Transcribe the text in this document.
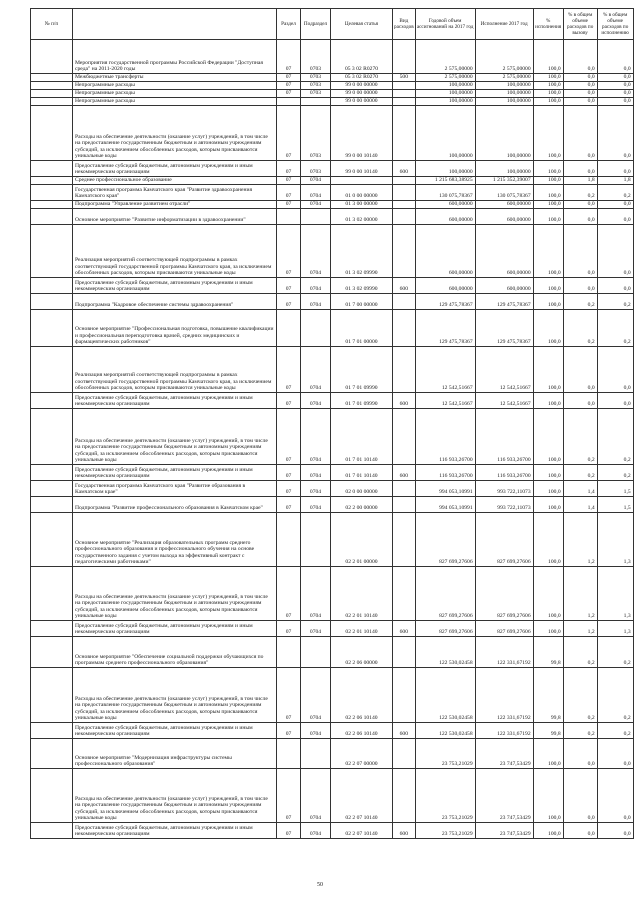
№ п/п		Раздел	Подраздел	Целевая статья	Вид расходов	Годовой объем ассигнований на 2017 год	Исполнение 2017 год	% исполнения	% в общем объеме расходов по вызову	% в общем объеме расходов по исполнению
	Мероприятия государственной программы Российской Федерации "Доступная среда" на 2011-2020 годы	07	0703	05 3 02 R0270		2 575,00000	2 575,00000	100,0	0,0	0,0
	Межбюджетные трансферты	07	0703	05 3 02 R0270	500	2 575,00000	2 575,00000	100,0	0,0	0,0
	Непрограммные расходы	07	0703	99 0 00 00000		100,00000	100,00000	100,0	0,0	0,0
	Непрограммные расходы	07	0703	99 0 00 00000		100,00000	100,00000	100,0	0,0	0,0
	Непрограммные расходы			99 0 00 00000		100,00000	100,00000	100,0	0,0	0,0
	Расходы на обеспечение деятельности (оказание услуг) учреждений, в том числе на предоставление государственным бюджетным и автономным учреждениям субсидий, за исключением обособленных расходов, которым присваиваются уникальные коды	07	0703	99 0 00 10140		100,00000	100,00000	100,0	0,0	0,0
	Предоставление субсидий бюджетным, автономным учреждениям и иным некоммерческим организациям	07	0703	99 0 00 10140	600	100,00000	100,00000	100,0	0,0	0,0
	Среднее профессиональное образование	07	0704			1 215 683,38925	1 215 352,39007	100,0	1,8	1,8
	Государственная программа Камчатского края "Развитие здравоохранения Камчатского края"	07	0704	01 0 00 00000		130 075,78367	130 075,78367	100,0	0,2	0,2
	Подпрограмма "Управление развитием отрасли"	07	0704	01 3 00 00000		600,00000	600,00000	100,0	0,0	0,0
	Основное мероприятие "Развитие информатизации в здравоохранении"			01 3 02 00000		600,00000	600,00000	100,0	0,0	0,0
	Реализация мероприятий соответствующей подпрограммы в рамках соответствующей государственной программы Камчатского края, за исключением обособленных расходов, которым присваиваются уникальные коды	07	0704	01 3 02 09990		600,00000	600,00000	100,0	0,0	0,0
	Предоставление субсидий бюджетным, автономным учреждениям и иным некоммерческим организациям	07	0704	01 3 02 09990	600	600,00000	600,00000	100,0	0,0	0,0
	Подпрограмма "Кадровое обеспечение системы здравоохранения"	07	0704	01 7 00 00000		129 475,78367	129 475,78367	100,0	0,2	0,2
	Основное мероприятие "Профессиональная подготовка, повышение квалификации и профессиональная переподготовка врачей, средних медицинских и фармацевтических работников"			01 7 01 00000		129 475,78367	129 475,78367	100,0	0,2	0,2
	Реализация мероприятий соответствующей подпрограммы в рамках соответствующей государственной программы Камчатского края, за исключением обособленных расходов, которым присваиваются уникальные коды	07	0704	01 7 01 09990		12 542,51667	12 542,51667	100,0	0,0	0,0
	Предоставление субсидий бюджетным, автономным учреждениям и иным некоммерческим организациям	07	0704	01 7 01 09990	600	12 542,51667	12 542,51667	100,0	0,0	0,0
	Расходы на обеспечение деятельности (оказание услуг) учреждений, в том числе на предоставление государственным бюджетным и автономным учреждениям субсидий, за исключением обособленных расходов, которым присваиваются уникальные коды	07	0704	01 7 01 10140		116 933,26700	116 933,26700	100,0	0,2	0,2
	Предоставление субсидий бюджетным, автономным учреждениям и иным некоммерческим организациям	07	0704	01 7 01 10140	600	116 933,26700	116 933,26700	100,0	0,2	0,2
	Государственная программа Камчатского края "Развитие образования в Камчатском крае"	07	0704	02 0 00 00000		994 053,10991	993 722,11073	100,0	1,4	1,5
	Подпрограмма "Развитие профессионального образования в Камчатском крае"	07	0704	02 2 00 00000		994 053,10991	993 722,11073	100,0	1,4	1,5
	Основное мероприятие "Реализация образовательных программ среднего профессионального образования и профессионального обучения на основе государственного задания с учетом выхода на эффективный контракт с педагогическими работниками"			02 2 01 00000		827 699,27606	827 699,27606	100,0	1,2	1,3
	Расходы на обеспечение деятельности (оказание услуг) учреждений, в том числе на предоставление государственным бюджетным и автономным учреждениям субсидий, за исключением обособленных расходов, которым присваиваются уникальные коды	07	0704	02 2 01 10140		827 699,27606	827 699,27606	100,0	1,2	1,3
	Предоставление субсидий бюджетным, автономным учреждениям и иным некоммерческим организациям	07	0704	02 2 01 10140	600	827 699,27606	827 699,27606	100,0	1,2	1,3
	Основное мероприятие "Обеспечение социальной поддержки обучающихся по программам среднего профессионального образования"			02 2 06 00000		122 530,02458	122 331,67192	99,8	0,2	0,2
	Расходы на обеспечение деятельности (оказание услуг) учреждений, в том числе на предоставление государственным бюджетным и автономным учреждениям субсидий, за исключением обособленных расходов, которым присваиваются уникальные коды	07	0704	02 2 06 10140		122 530,02458	122 331,67192	99,8	0,2	0,2
	Предоставление субсидий бюджетным, автономным учреждениям и иным некоммерческим организациям	07	0704	02 2 06 10140	600	122 530,02458	122 331,67192	99,8	0,2	0,2
	Основное мероприятие "Модернизация инфраструктуры системы профессионального образования"			02 2 07 00000		23 753,21029	23 747,53429	100,0	0,0	0,0
	Расходы на обеспечение деятельности (оказание услуг) учреждений, в том числе на предоставление государственным бюджетным и автономным учреждениям субсидий, за исключением обособленных расходов, которым присваиваются уникальные коды	07	0704	02 2 07 10140		23 753,21029	23 747,53429	100,0	0,0	0,0
	Предоставление субсидий бюджетным, автономным учреждениям и иным некоммерческим организациям	07	0704	02 2 07 10140	600	23 753,21029	23 747,53429	100,0	0,0	0,0
50
